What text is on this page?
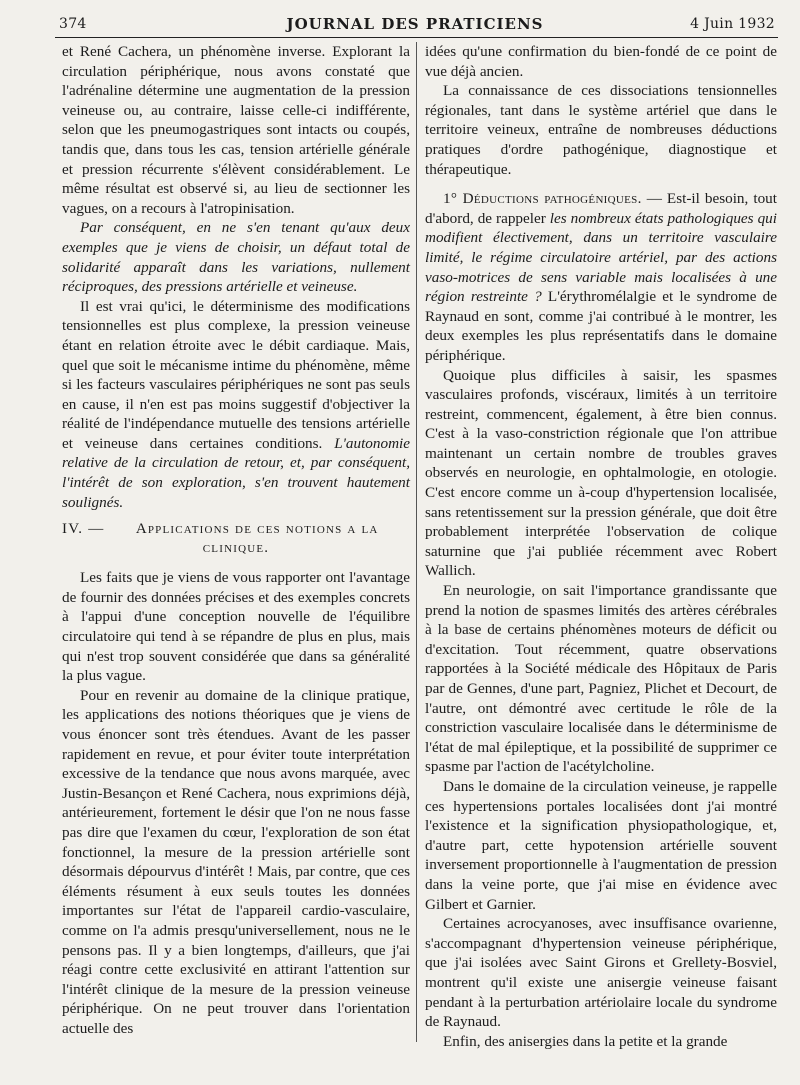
374	JOURNAL DES PRATICIENS	4 Juin 1932

et René Cachera, un phénomène inverse. Explorant la circulation périphérique, nous avons constaté que l'adrénaline détermine une augmentation de la pression veineuse ou, au contraire, laisse celle-ci indifférente, selon que les pneumogastriques sont intacts ou coupés, tandis que, dans tous les cas, tension artérielle générale et pression récurrente s'élèvent considérablement. Le même résultat est observé si, au lieu de sectionner les vagues, on a recours à l'atropinisation.

Par conséquent, en ne s'en tenant qu'aux deux exemples que je viens de choisir, un défaut total de solidarité apparaît dans les variations, nullement réciproques, des pressions artérielle et veineuse.

Il est vrai qu'ici, le déterminisme des modifications tensionnelles est plus complexe, la pression veineuse étant en relation étroite avec le débit cardiaque. Mais, quel que soit le mécanisme intime du phénomène, même si les facteurs vasculaires périphériques ne sont pas seuls en cause, il n'en est pas moins suggestif d'objectiver la réalité de l'indépendance mutuelle des tensions artérielle et veineuse dans certaines conditions. L'autonomie relative de la circulation de retour, et, par conséquent, l'intérêt de son exploration, s'en trouvent hautement soulignés.

IV. — Applications de ces notions a la clinique.

Les faits que je viens de vous rapporter ont l'avantage de fournir des données précises et des exemples concrets à l'appui d'une conception nouvelle de l'équilibre circulatoire qui tend à se répandre de plus en plus, mais qui n'est trop souvent considérée que dans sa généralité la plus vague.

Pour en revenir au domaine de la clinique pratique, les applications des notions théoriques que je viens de vous énoncer sont très étendues. Avant de les passer rapidement en revue, et pour éviter toute interprétation excessive de la tendance que nous avons marquée, avec Justin-Besançon et René Cachera, nous exprimions déjà, antérieurement, fortement le désir que l'on ne nous fasse pas dire que l'examen du cœur, l'exploration de son état fonctionnel, la mesure de la pression artérielle sont désormais dépourvus d'intérêt ! Mais, par contre, que ces éléments résument à eux seuls toutes les données importantes sur l'état de l'appareil cardio-vasculaire, comme on l'a admis presqu'universellement, nous ne le pensons pas. Il y a bien longtemps, d'ailleurs, que j'ai réagi contre cette exclusivité en attirant l'attention sur l'intérêt clinique de la mesure de la pression veineuse périphérique. On ne peut trouver dans l'orientation actuelle des

idées qu'une confirmation du bien-fondé de ce point de vue déjà ancien.

La connaissance de ces dissociations tensionnelles régionales, tant dans le système artériel que dans le territoire veineux, entraîne de nombreuses déductions pratiques d'ordre pathogénique, diagnostique et thérapeutique.

1° Déductions pathogéniques. — Est-il besoin, tout d'abord, de rappeler les nombreux états pathologiques qui modifient électivement, dans un territoire vasculaire limité, le régime circulatoire artériel, par des actions vaso-motrices de sens variable mais localisées à une région restreinte ? L'érythromélalgie et le syndrome de Raynaud en sont, comme j'ai contribué à le montrer, les deux exemples les plus représentatifs dans le domaine périphérique.

Quoique plus difficiles à saisir, les spasmes vasculaires profonds, viscéraux, limités à un territoire restreint, commencent, également, à être bien connus. C'est à la vaso-constriction régionale que l'on attribue maintenant un certain nombre de troubles graves observés en neurologie, en ophtalmologie, en otologie. C'est encore comme un à-coup d'hypertension localisée, sans retentissement sur la pression générale, que doit être probablement interprétée l'observation de colique saturnine que j'ai publiée récemment avec Robert Wallich.

En neurologie, on sait l'importance grandissante que prend la notion de spasmes limités des artères cérébrales à la base de certains phénomènes moteurs de déficit ou d'excitation. Tout récemment, quatre observations rapportées à la Société médicale des Hôpitaux de Paris par de Gennes, d'une part, Pagniez, Plichet et Decourt, de l'autre, ont démontré avec certitude le rôle de la constriction vasculaire localisée dans le déterminisme de l'état de mal épileptique, et la possibilité de supprimer ce spasme par l'action de l'acétylcholine.

Dans le domaine de la circulation veineuse, je rappelle ces hypertensions portales localisées dont j'ai montré l'existence et la signification physiopathologique, et, d'autre part, cette hypotension artérielle souvent inversement proportionnelle à l'augmentation de pression dans la veine porte, que j'ai mise en évidence avec Gilbert et Garnier.

Certaines acrocyanoses, avec insuffisance ovarienne, s'accompagnant d'hypertension veineuse périphérique, que j'ai isolées avec Saint Girons et Grellety-Bosviel, montrent qu'il existe une anisergie veineuse faisant pendant à la perturbation artériolaire locale du syndrome de Raynaud.

Enfin, des anisergies dans la petite et la grande
